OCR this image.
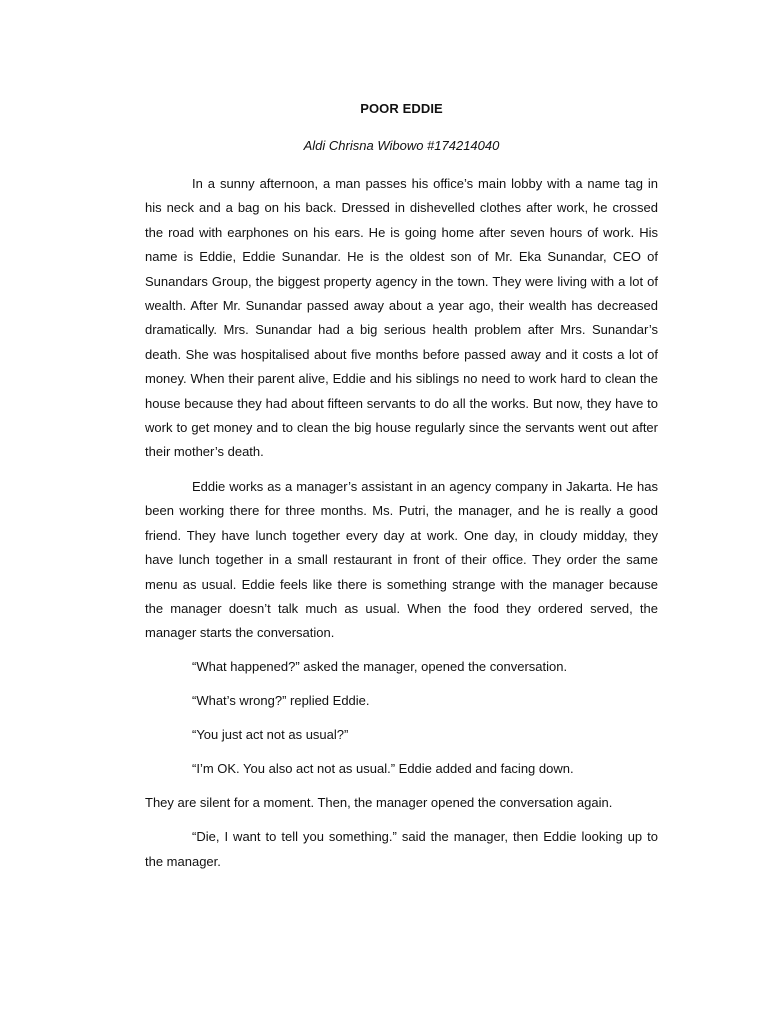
POOR EDDIE

Aldi Chrisna Wibowo #174214040

In a sunny afternoon, a man passes his office’s main lobby with a name tag in his neck and a bag on his back. Dressed in dishevelled clothes after work, he crossed the road with earphones on his ears. He is going home after seven hours of work. His name is Eddie, Eddie Sunandar. He is the oldest son of Mr. Eka Sunandar, CEO of Sunandars Group, the biggest property agency in the town. They were living with a lot of wealth. After Mr. Sunandar passed away about a year ago, their wealth has decreased dramatically. Mrs. Sunandar had a big serious health problem after Mrs. Sunandar’s death. She was hospitalised about five months before passed away and it costs a lot of money. When their parent alive, Eddie and his siblings no need to work hard to clean the house because they had about fifteen servants to do all the works. But now, they have to work to get money and to clean the big house regularly since the servants went out after their mother’s death.

Eddie works as a manager’s assistant in an agency company in Jakarta. He has been working there for three months. Ms. Putri, the manager, and he is really a good friend. They have lunch together every day at work. One day, in cloudy midday, they have lunch together in a small restaurant in front of their office. They order the same menu as usual. Eddie feels like there is something strange with the manager because the manager doesn’t talk much as usual. When the food they ordered served, the manager starts the conversation.

“What happened?” asked the manager, opened the conversation.

“What’s wrong?” replied Eddie.

“You just act not as usual?”

“I’m OK. You also act not as usual.” Eddie added and facing down.

They are silent for a moment. Then, the manager opened the conversation again.

“Die, I want to tell you something.” said the manager, then Eddie looking up to the manager.
